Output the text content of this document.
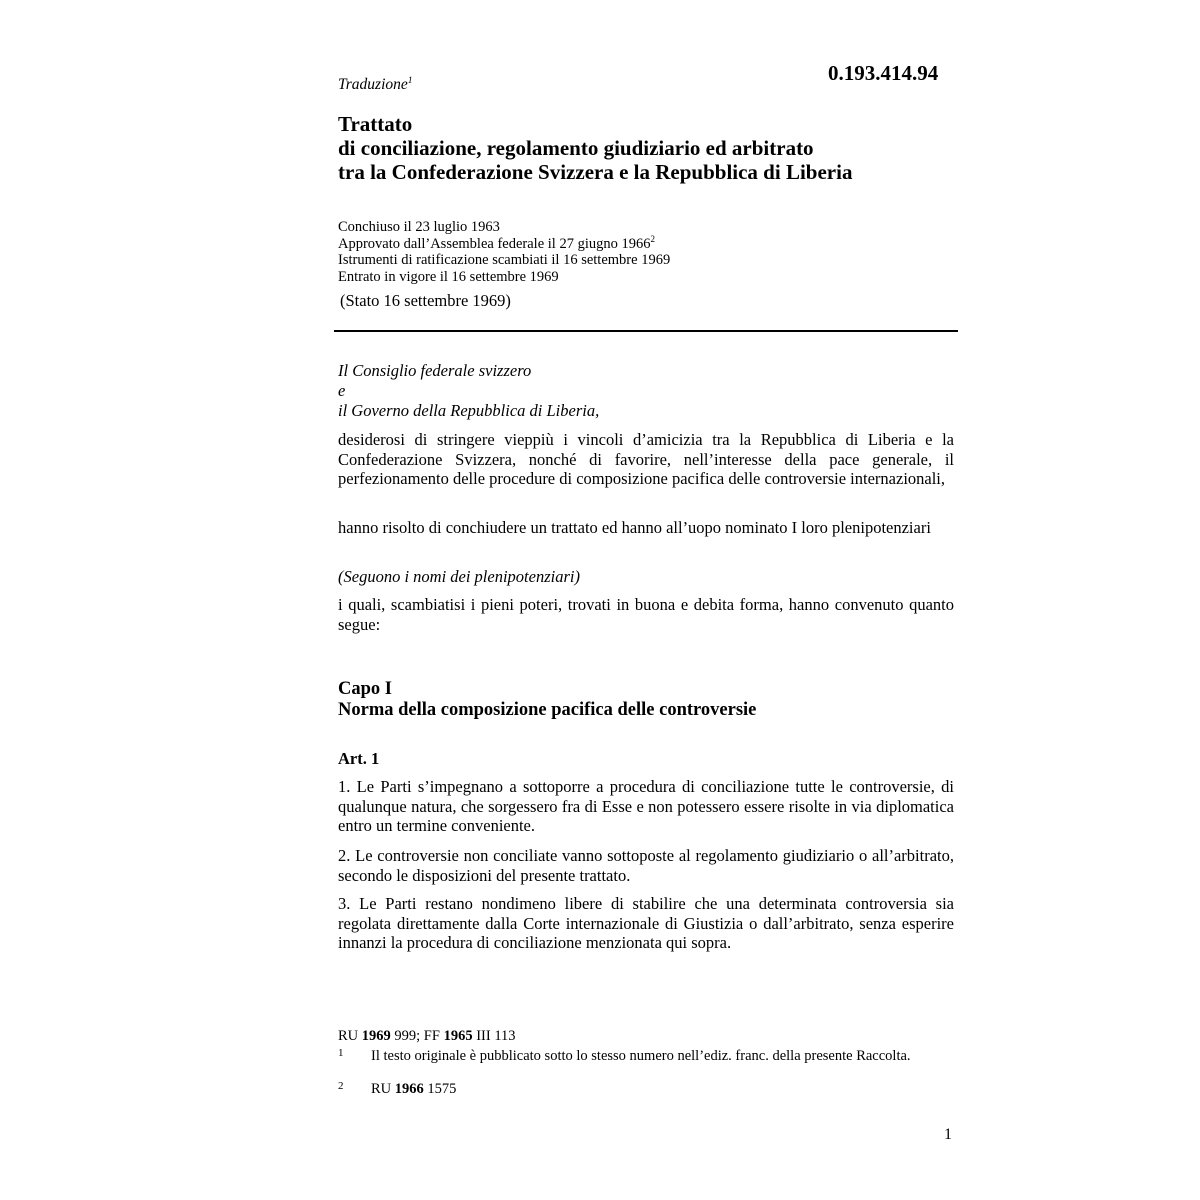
Traduzione$^1$	0.193.414.94
Trattato
di conciliazione, regolamento giudiziario ed arbitrato
tra la Confederazione Svizzera e la Repubblica di Liberia
Conchiuso il 23 luglio 1963
Approvato dall’Assemblea federale il 27 giugno 1966$^2$
Istrumenti di ratificazione scambiati il 16 settembre 1969
Entrato in vigore il 16 settembre 1969
(Stato 16 settembre 1969)
Il Consiglio federale svizzero
e
il Governo della Repubblica di Liberia,

desiderosi di stringere vieppiù i vincoli d’amicizia tra la Repubblica di Liberia e la Confederazione Svizzera, nonché di favorire, nell’interesse della pace generale, il perfezionamento delle procedure di composizione pacifica delle controversie internazionali,

hanno risolto di conchiudere un trattato ed hanno all’uopo nominato I loro plenipotenziari

(Seguono i nomi dei plenipotenziari)

i quali, scambiatisi i pieni poteri, trovati in buona e debita forma, hanno convenuto quanto segue:

Capo I
Norma della composizione pacifica delle controversie
Art. 1

1. Le Parti s’impegnano a sottoporre a procedura di conciliazione tutte le controversie, di qualunque natura, che sorgessero fra di Esse e non potessero essere risolte in via diplomatica entro un termine conveniente.

2. Le controversie non conciliate vanno sottoposte al regolamento giudiziario o all’arbitrato, secondo le disposizioni del presente trattato.

3. Le Parti restano nondimeno libere di stabilire che una determinata controversia sia regolata direttamente dalla Corte internazionale di Giustizia o dall’arbitrato, senza esperire innanzi la procedura di conciliazione menzionata qui sopra.

RU 1969 999; FF 1965 III 113
1 Il testo originale è pubblicato sotto lo stesso numero nell’ediz. franc. della presente Raccolta.
2 RU 1966 1575
1
